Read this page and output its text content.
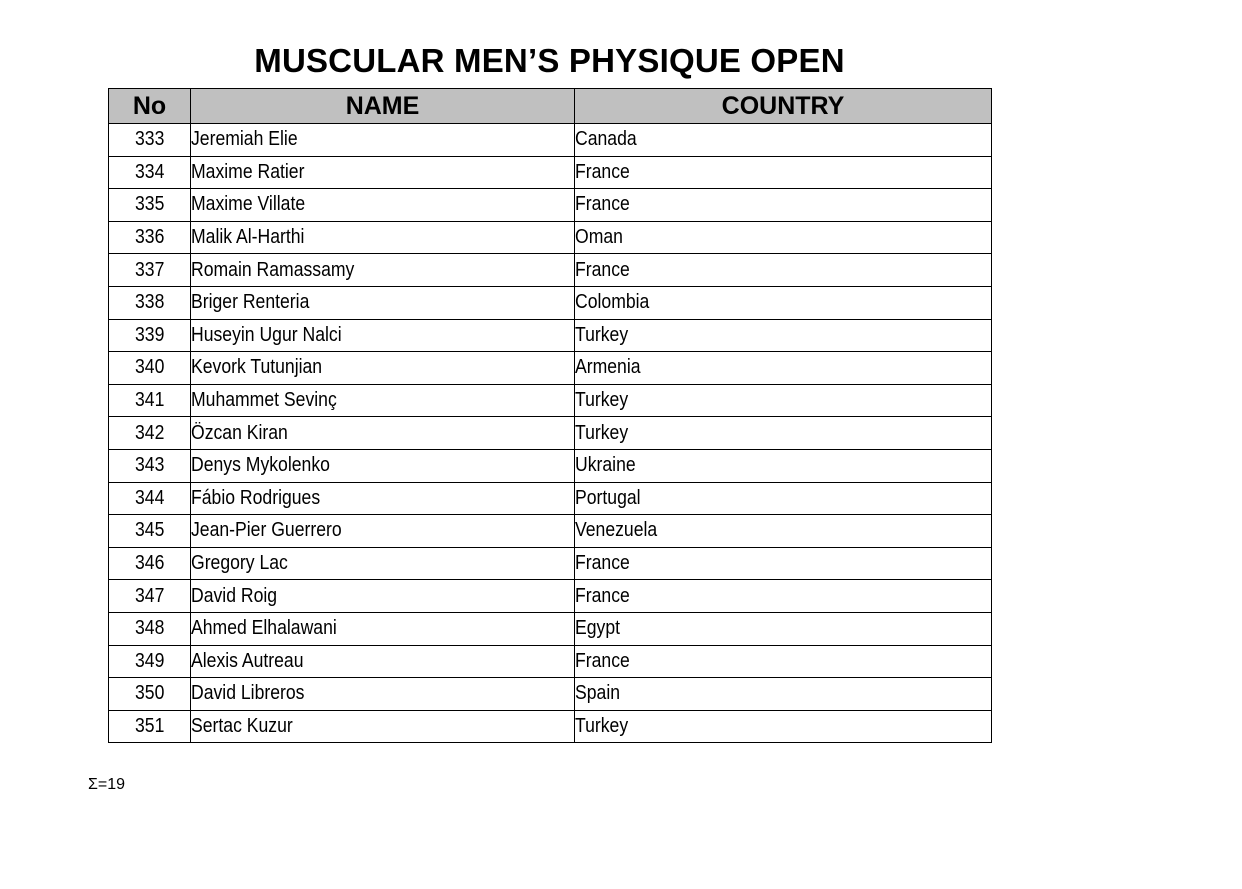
MUSCULAR MEN’S PHYSIQUE OPEN
No	NAME	COUNTRY
333	Jeremiah Elie	Canada
334	Maxime Ratier	France
335	Maxime Villate	France
336	Malik Al-Harthi	Oman
337	Romain Ramassamy	France
338	Briger Renteria	Colombia
339	Huseyin Ugur Nalci	Turkey
340	Kevork Tutunjian	Armenia
341	Muhammet Sevinç	Turkey
342	Özcan Kiran	Turkey
343	Denys Mykolenko	Ukraine
344	Fábio Rodrigues	Portugal
345	Jean-Pier Guerrero	Venezuela
346	Gregory Lac	France
347	David Roig	France
348	Ahmed Elhalawani	Egypt
349	Alexis Autreau	France
350	David Libreros	Spain
351	Sertac Kuzur	Turkey
Σ=19
